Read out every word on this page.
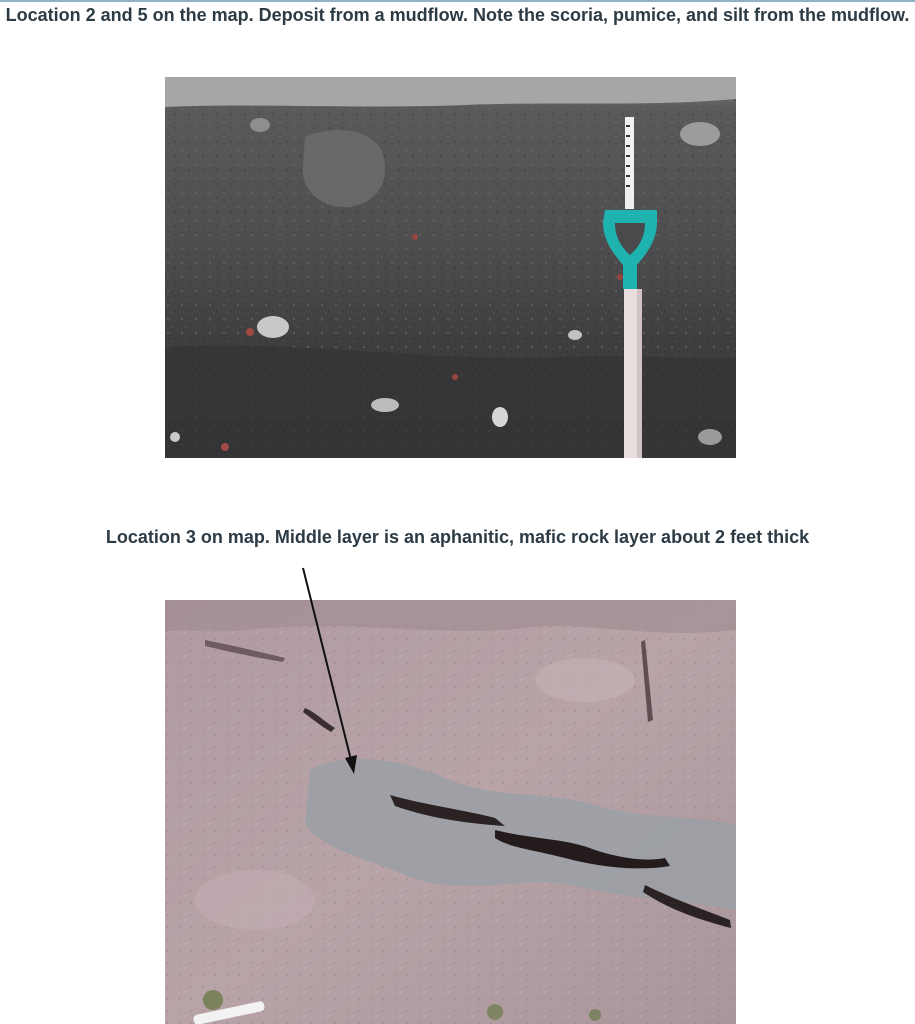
Location 2 and 5 on the map. Deposit from a mudflow. Note the scoria, pumice, and silt from the mudflow.

Location 3 on map. Middle layer is an aphanitic, mafic rock layer about 2 feet thick
